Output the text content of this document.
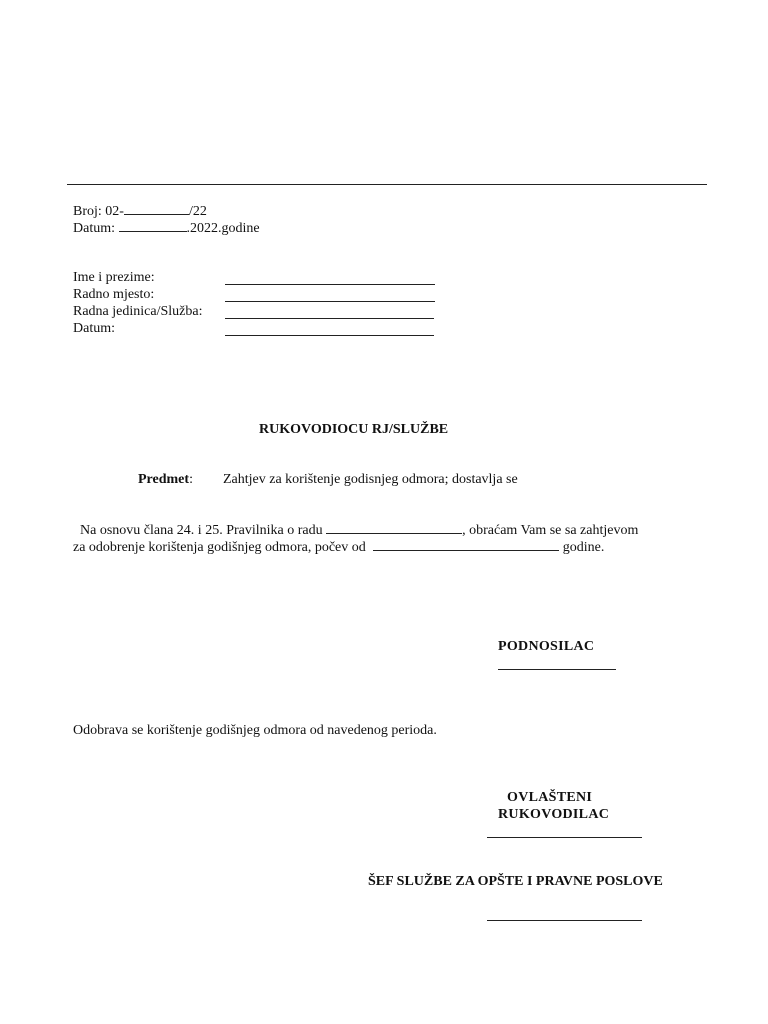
Broj: 02-	/22
Datum:	.2022.godine
Ime i prezime:
Radno mjesto:
Radna jedinica/Služba:
Datum:
RUKOVODIOCU RJ/SLUŽBE
Predmet: Zahtjev za korištenje godisnjeg odmora; dostavlja se
Na osnovu člana 24. i 25. Pravilnika o radu	, obraćam Vam se sa zahtjevom
za odobrenje korištenja godišnjeg odmora, počev od	godine.
PODNOSILAC
Odobrava se korištenje godišnjeg odmora od navedenog perioda.
OVLAŠTENI
RUKOVODILAC
ŠEF SLUŽBE ZA OPŠTE I PRAVNE POSLOVE
